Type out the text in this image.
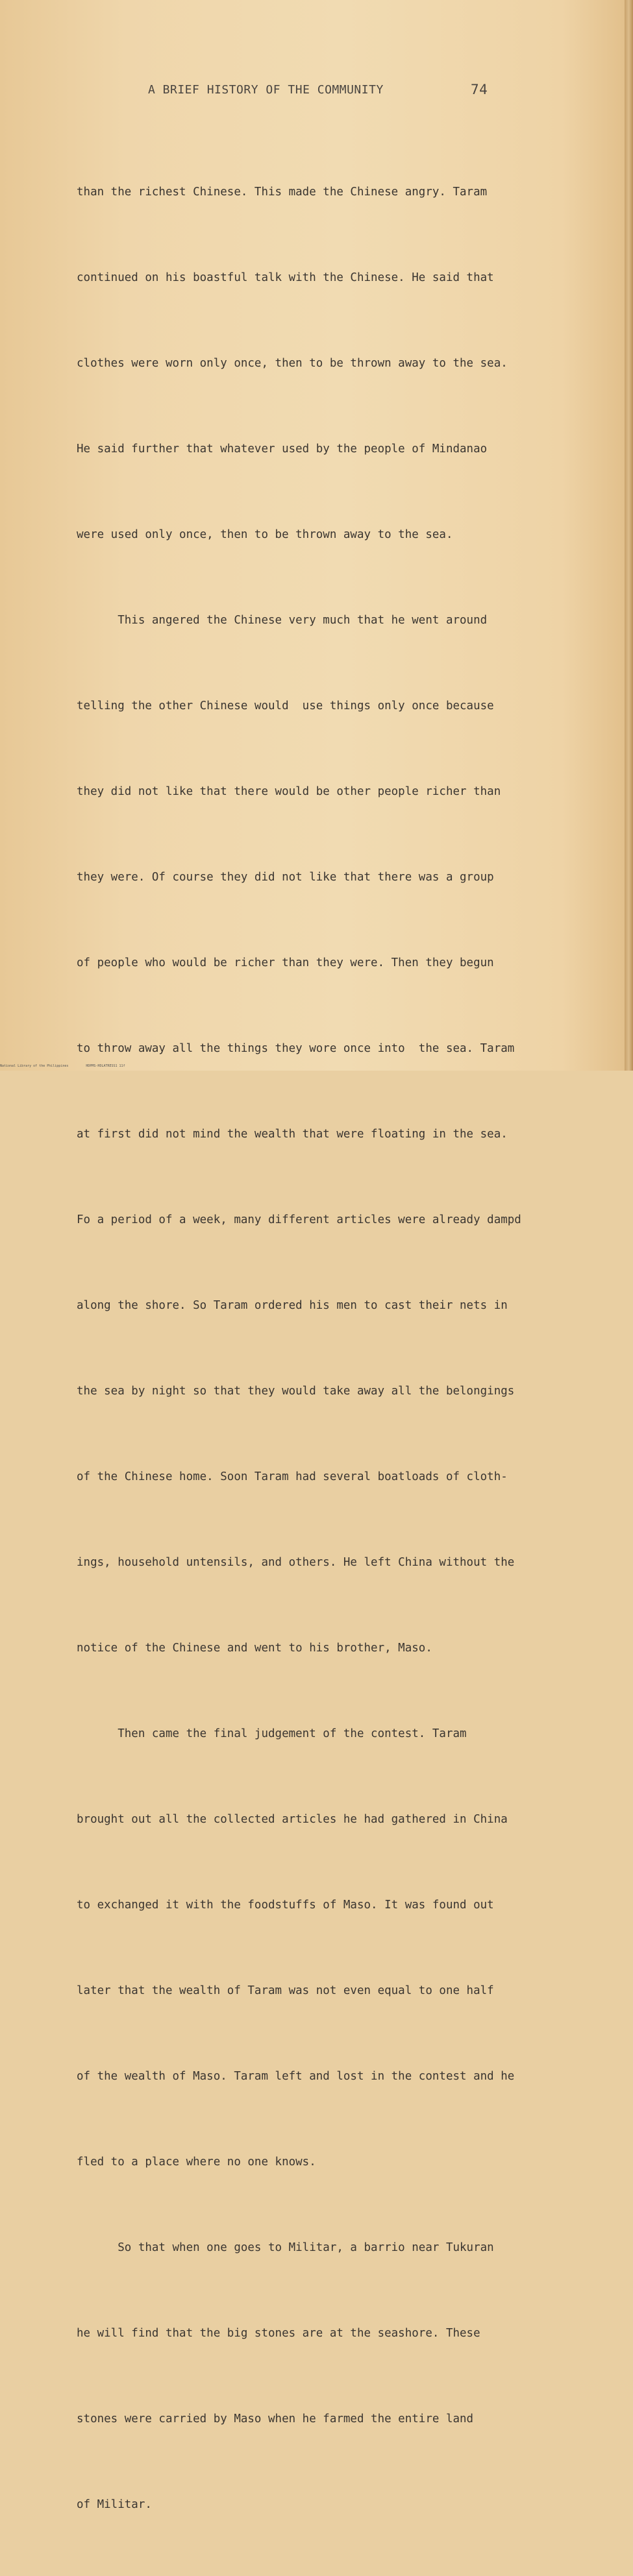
A BRIEF HISTORY OF THE COMMUNITY	74

than the richest Chinese. This made the Chinese angry. Taram

continued on his boastful talk with the Chinese. He said that

clothes were worn only once, then to be thrown away to the sea.

He said further that whatever used by the people of Mindanao

were used only once, then to be thrown away to the sea.

This angered the Chinese very much that he went around

telling the other Chinese would  use things only once because

they did not like that there would be other people richer than

they were. Of course they did not like that there was a group

of people who would be richer than they were. Then they begun

to throw away all the things they wore once into  the sea. Taram

at first did not mind the wealth that were floating in the sea.

Fo a period of a week, many different articles were already dampd

along the shore. So Taram ordered his men to cast their nets in

the sea by night so that they would take away all the belongings

of the Chinese home. Soon Taram had several boatloads of cloth-

ings, household untensils, and others. He left China without the

notice of the Chinese and went to his brother, Maso.

Then came the final judgement of the contest. Taram

brought out all the collected articles he had gathered in China

to exchanged it with the foodstuffs of Maso. It was found out

later that the wealth of Taram was not even equal to one half

of the wealth of Maso. Taram left and lost in the contest and he

fled to a place where no one knows.

So that when one goes to Militar, a barrio near Tukuran

he will find that the big stones are at the seashore. These

stones were carried by Maso when he farmed the entire land

of Militar.

National Library of the Philippines	HDPMS-HDLATRESS1 11f
